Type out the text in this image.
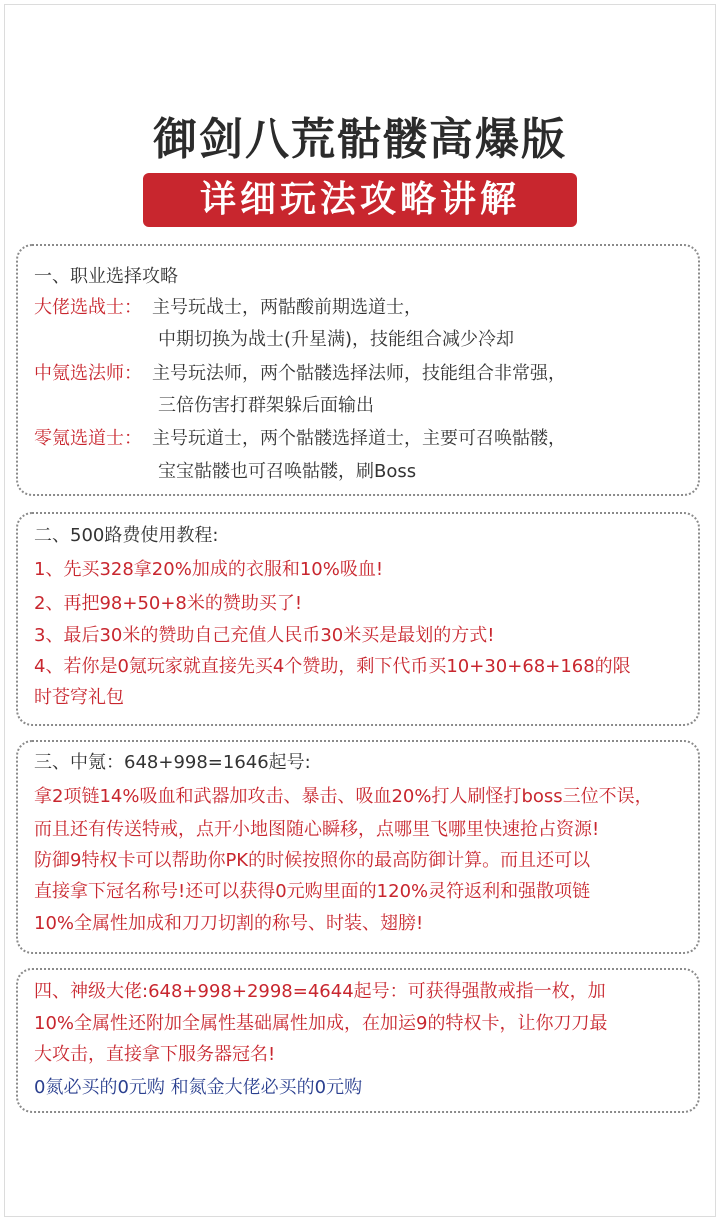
御剑八荒骷髅高爆版
详细玩法攻略讲解
一、职业选择攻略
大佬选战士： 主号玩战士，两骷酸前期选道士，
中期切换为战士(升星满)，技能组合减少冷却
中氪选法师： 主号玩法师，两个骷髅选择法师，技能组合非常强，
三倍伤害打群架躲后面输出
零氪选道士： 主号玩道士，两个骷髅选择道士，主要可召唤骷髅，
宝宝骷髅也可召唤骷髅，刷Boss
二、500路费使用教程:
1、先买328拿20%加成的衣服和10%吸血!
2、再把98+50+8米的赞助买了!
3、最后30米的赞助自己充值人民币30米买是最划的方式!
4、若你是0氪玩家就直接先买4个赞助，剩下代币买10+30+68+168的限
时苍穹礼包
三、中氪：648+998=1646起号:
拿2项链14%吸血和武器加攻击、暴击、吸血20%打人刷怪打boss三位不误，
而且还有传送特戒，点开小地图随心瞬移，点哪里飞哪里快速抢占资源!
防御9特权卡可以帮助你PK的时候按照你的最高防御计算。而且还可以
直接拿下冠名称号!还可以获得0元购里面的120%灵符返利和强散项链
10%全属性加成和刀刀切割的称号、时装、翅膀!
四、神级大佬:648+998+2998=4644起号：可获得强散戒指一枚，加
10%全属性还附加全属性基础属性加成，在加运9的特权卡，让你刀刀最
大攻击，直接拿下服务器冠名!
0氮必买的0元购 和氮金大佬必买的0元购
